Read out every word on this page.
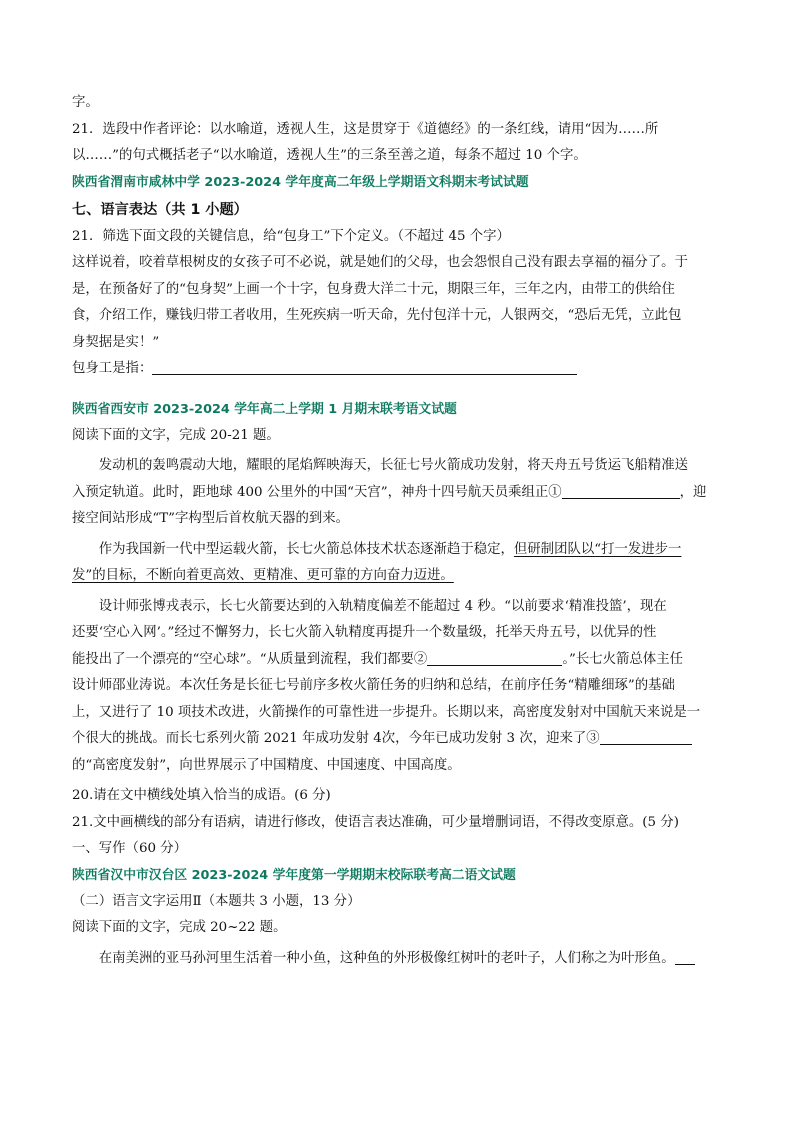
字。
21．选段中作者评论：以水喻道，透视人生，这是贯穿于《道德经》的一条红线，请用“因为……所
以……”的句式概括老子“以水喻道，透视人生”的三条至善之道，每条不超过 10 个字。
陕西省渭南市咸林中学 2023-2024 学年度高二年级上学期语文科期末考试试题
七、语言表达（共 1 小题）
21．筛选下面文段的关键信息，给“包身工”下个定义。（不超过 45 个字）
这样说着，咬着草根树皮的女孩子可不必说，就是她们的父母，也会怨恨自己没有跟去享福的福分了。于
是，在预备好了的“包身契”上画一个十字，包身费大洋二十元，期限三年，三年之内，由带工的供给住
食，介绍工作，赚钱归带工者收用，生死疾病一听天命，先付包洋十元，人银两交，“恐后无凭，立此包
身契据是实！”
包身工是指：
陕西省西安市 2023-2024 学年高二上学期 1 月期末联考语文试题
阅读下面的文字，完成 20-21 题。
发动机的轰鸣震动大地，耀眼的尾焰辉映海天，长征七号火箭成功发射，将天舟五号货运飞船精准送
入预定轨道。此时，距地球 400 公里外的中国“天宫”，神舟十四号航天员乘组正①	，迎
接空间站形成“T”字构型后首枚航天器的到来。
作为我国新一代中型运载火箭，长七火箭总体技术状态逐渐趋于稳定，但研制团队以“打一发进步一
发”的目标，不断向着更高效、更精准、更可靠的方向奋力迈进。
设计师张博戎表示，长七火箭要达到的入轨精度偏差不能超过 4 秒。“以前要求‘精准投篮’，现在
还要‘空心入网’。”经过不懈努力，长七火箭入轨精度再提升一个数量级，托举天舟五号，以优异的性
能投出了一个漂亮的“空心球”。“从质量到流程，我们都要②	。”长七火箭总体主任
设计师邵业涛说。本次任务是长征七号前序多枚火箭任务的归纳和总结，在前序任务“精雕细琢”的基础
上，又进行了 10 项技术改进，火箭操作的可靠性进一步提升。长期以来，高密度发射对中国航天来说是一
个很大的挑战。而长七系列火箭 2021 年成功发射 4次，今年已成功发射 3 次，迎来了③
的“高密度发射”，向世界展示了中国精度、中国速度、中国高度。
20.请在文中横线处填入恰当的成语。(6 分)
21.文中画横线的部分有语病，请进行修改，使语言表达准确，可少量增删词语，不得改变原意。(5 分)
一、写作（60 分）
陕西省汉中市汉台区 2023-2024 学年度第一学期期末校际联考高二语文试题
（二）语言文字运用Ⅱ（本题共 3 小题，13 分）
阅读下面的文字，完成 20~22 题。
在南美洲的亚马孙河里生活着一种小鱼，这种鱼的外形极像红树叶的老叶子，人们称之为叶形鱼。
